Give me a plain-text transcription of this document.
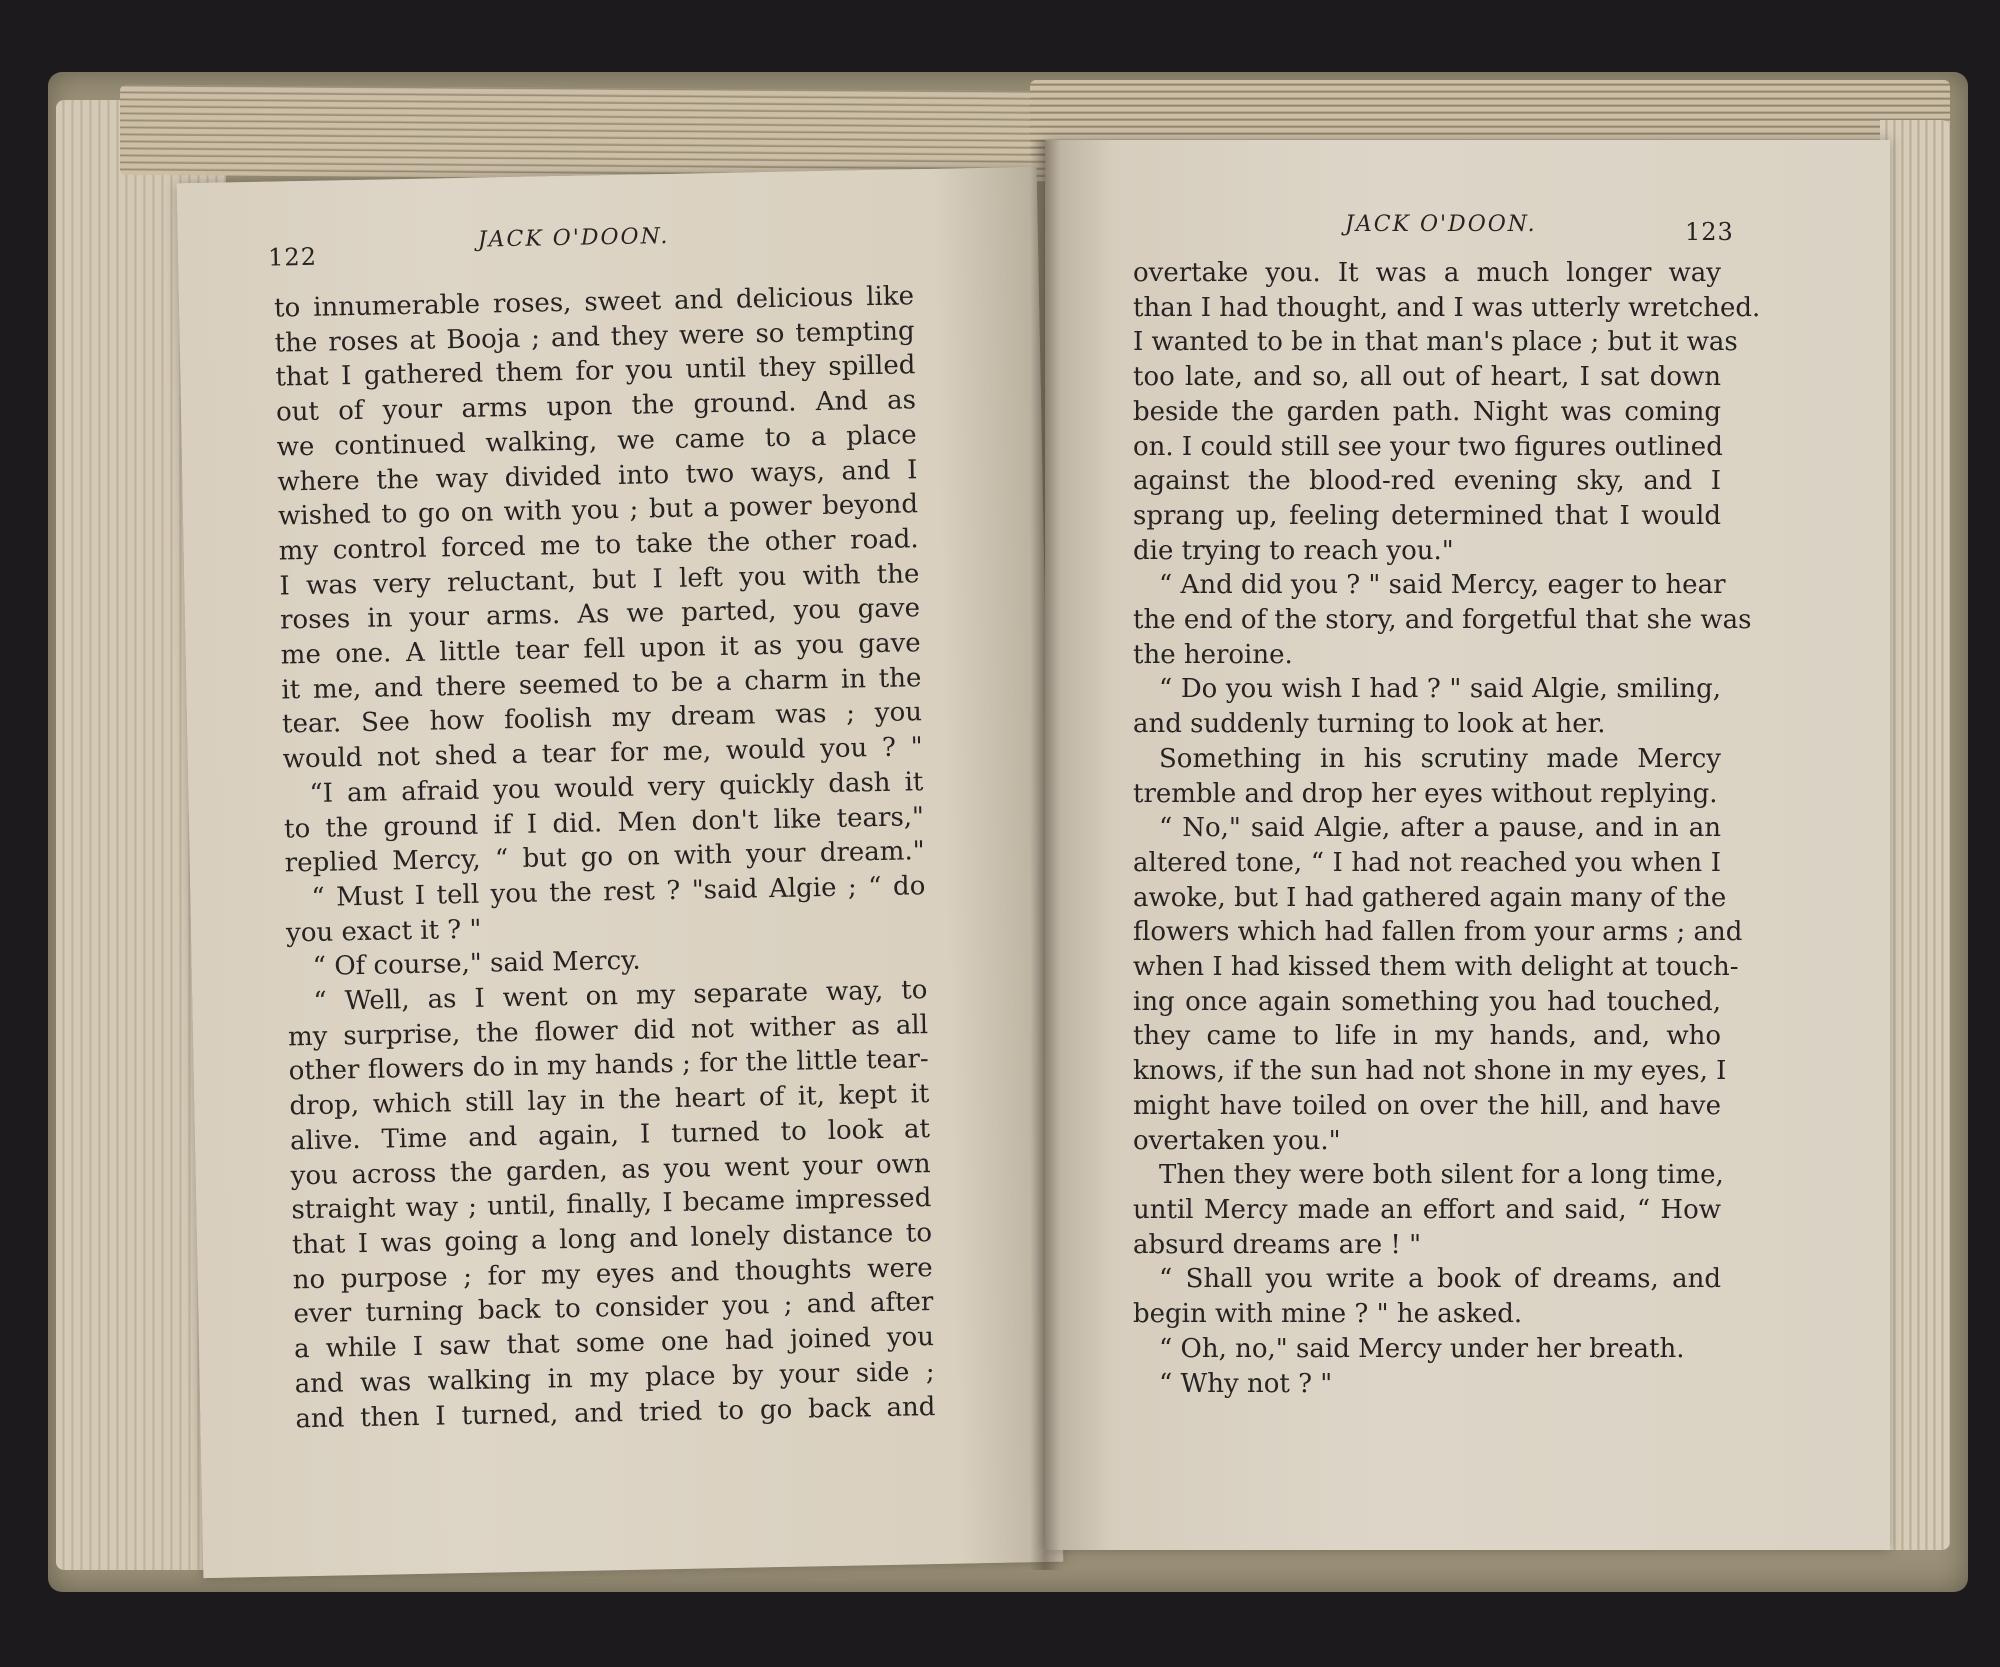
122
JACK O'DOON.
to innumerable roses, sweet and delicious like
the roses at Booja ; and they were so tempting
that I gathered them for you until they spilled
out of your arms upon the ground. And as
we continued walking, we came to a place
where the way divided into two ways, and I
wished to go on with you ; but a power beyond
my control forced me to take the other road.
I was very reluctant, but I left you with the
roses in your arms. As we parted, you gave
me one. A little tear fell upon it as you gave
it me, and there seemed to be a charm in the
tear. See how foolish my dream was ; you
would not shed a tear for me, would you ? "
“I am afraid you would very quickly dash it
to the ground if I did. Men don't like tears,"
replied Mercy, “ but go on with your dream."
“ Must I tell you the rest ? "said Algie ; “ do
you exact it ? "
“ Of course," said Mercy.
“ Well, as I went on my separate way, to
my surprise, the flower did not wither as all
other flowers do in my hands ; for the little tear-
drop, which still lay in the heart of it, kept it
alive. Time and again, I turned to look at
you across the garden, as you went your own
straight way ; until, finally, I became impressed
that I was going a long and lonely distance to
no purpose ; for my eyes and thoughts were
ever turning back to consider you ; and after
a while I saw that some one had joined you
and was walking in my place by your side ;
and then I turned, and tried to go back and
JACK O'DOON.	123
overtake you. It was a much longer way
than I had thought, and I was utterly wretched.
I wanted to be in that man's place ; but it was
too late, and so, all out of heart, I sat down
beside the garden path. Night was coming
on. I could still see your two figures outlined
against the blood-red evening sky, and I
sprang up, feeling determined that I would
die trying to reach you."
“ And did you ? " said Mercy, eager to hear
the end of the story, and forgetful that she was
the heroine.
“ Do you wish I had ? " said Algie, smiling,
and suddenly turning to look at her.
Something in his scrutiny made Mercy
tremble and drop her eyes without replying.
“ No," said Algie, after a pause, and in an
altered tone, “ I had not reached you when I
awoke, but I had gathered again many of the
flowers which had fallen from your arms ; and
when I had kissed them with delight at touch-
ing once again something you had touched,
they came to life in my hands, and, who
knows, if the sun had not shone in my eyes, I
might have toiled on over the hill, and have
overtaken you."
Then they were both silent for a long time,
until Mercy made an effort and said, “ How
absurd dreams are ! "
“ Shall you write a book of dreams, and
begin with mine ? " he asked.
“ Oh, no," said Mercy under her breath.
“ Why not ? "
